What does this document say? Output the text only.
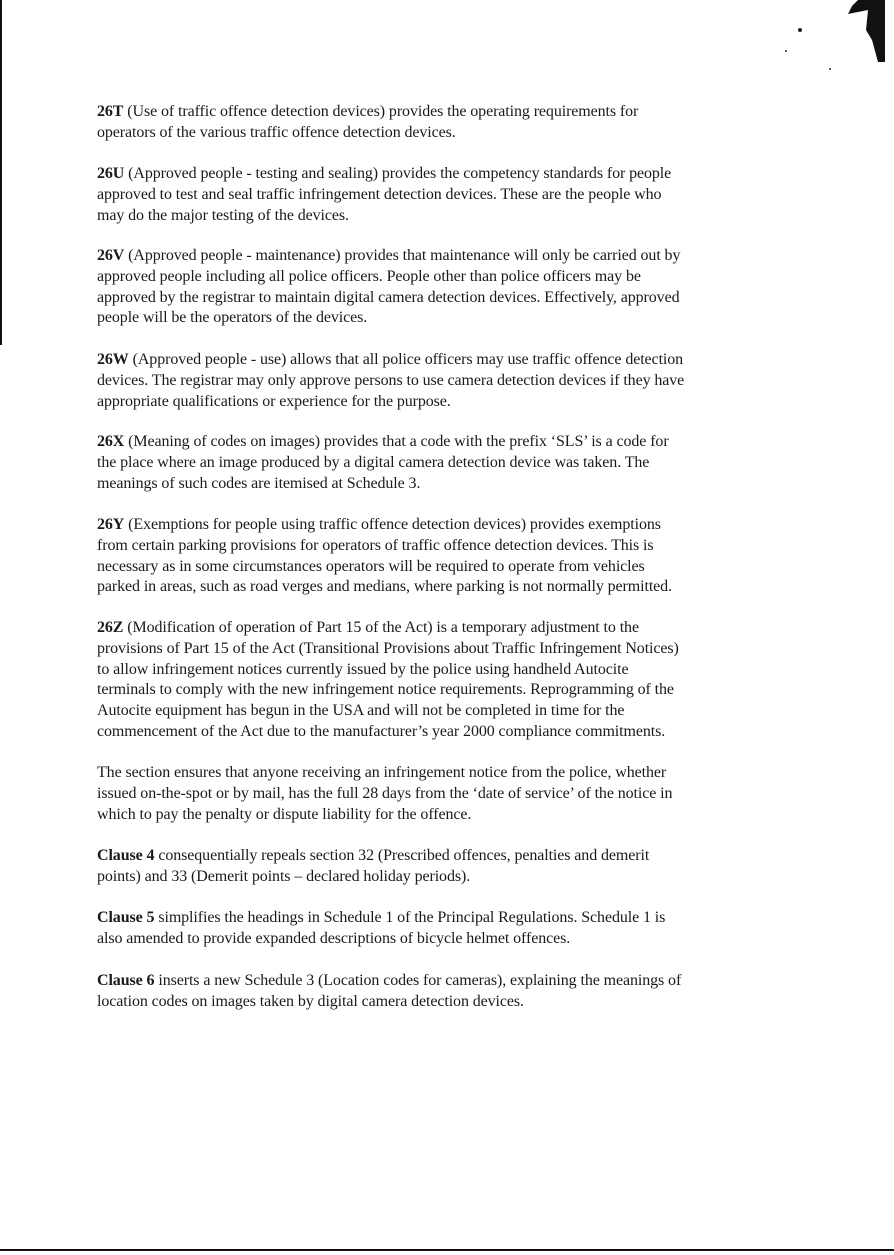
26T (Use of traffic offence detection devices) provides the operating requirements for
operators of the various traffic offence detection devices.

26U (Approved people - testing and sealing) provides the competency standards for people
approved to test and seal traffic infringement detection devices. These are the people who
may do the major testing of the devices.

26V (Approved people - maintenance) provides that maintenance will only be carried out by
approved people including all police officers. People other than police officers may be
approved by the registrar to maintain digital camera detection devices. Effectively, approved
people will be the operators of the devices.

26W (Approved people - use) allows that all police officers may use traffic offence detection
devices. The registrar may only approve persons to use camera detection devices if they have
appropriate qualifications or experience for the purpose.

26X (Meaning of codes on images) provides that a code with the prefix ‘SLS’ is a code for
the place where an image produced by a digital camera detection device was taken. The
meanings of such codes are itemised at Schedule 3.

26Y (Exemptions for people using traffic offence detection devices) provides exemptions
from certain parking provisions for operators of traffic offence detection devices. This is
necessary as in some circumstances operators will be required to operate from vehicles
parked in areas, such as road verges and medians, where parking is not normally permitted.

26Z (Modification of operation of Part 15 of the Act) is a temporary adjustment to the
provisions of Part 15 of the Act (Transitional Provisions about Traffic Infringement Notices)
to allow infringement notices currently issued by the police using handheld Autocite
terminals to comply with the new infringement notice requirements. Reprogramming of the
Autocite equipment has begun in the USA and will not be completed in time for the
commencement of the Act due to the manufacturer’s year 2000 compliance commitments.

The section ensures that anyone receiving an infringement notice from the police, whether
issued on-the-spot or by mail, has the full 28 days from the ‘date of service’ of the notice in
which to pay the penalty or dispute liability for the offence.

Clause 4 consequentially repeals section 32 (Prescribed offences, penalties and demerit
points) and 33 (Demerit points – declared holiday periods).

Clause 5 simplifies the headings in Schedule 1 of the Principal Regulations. Schedule 1 is
also amended to provide expanded descriptions of bicycle helmet offences.

Clause 6 inserts a new Schedule 3 (Location codes for cameras), explaining the meanings of
location codes on images taken by digital camera detection devices.
